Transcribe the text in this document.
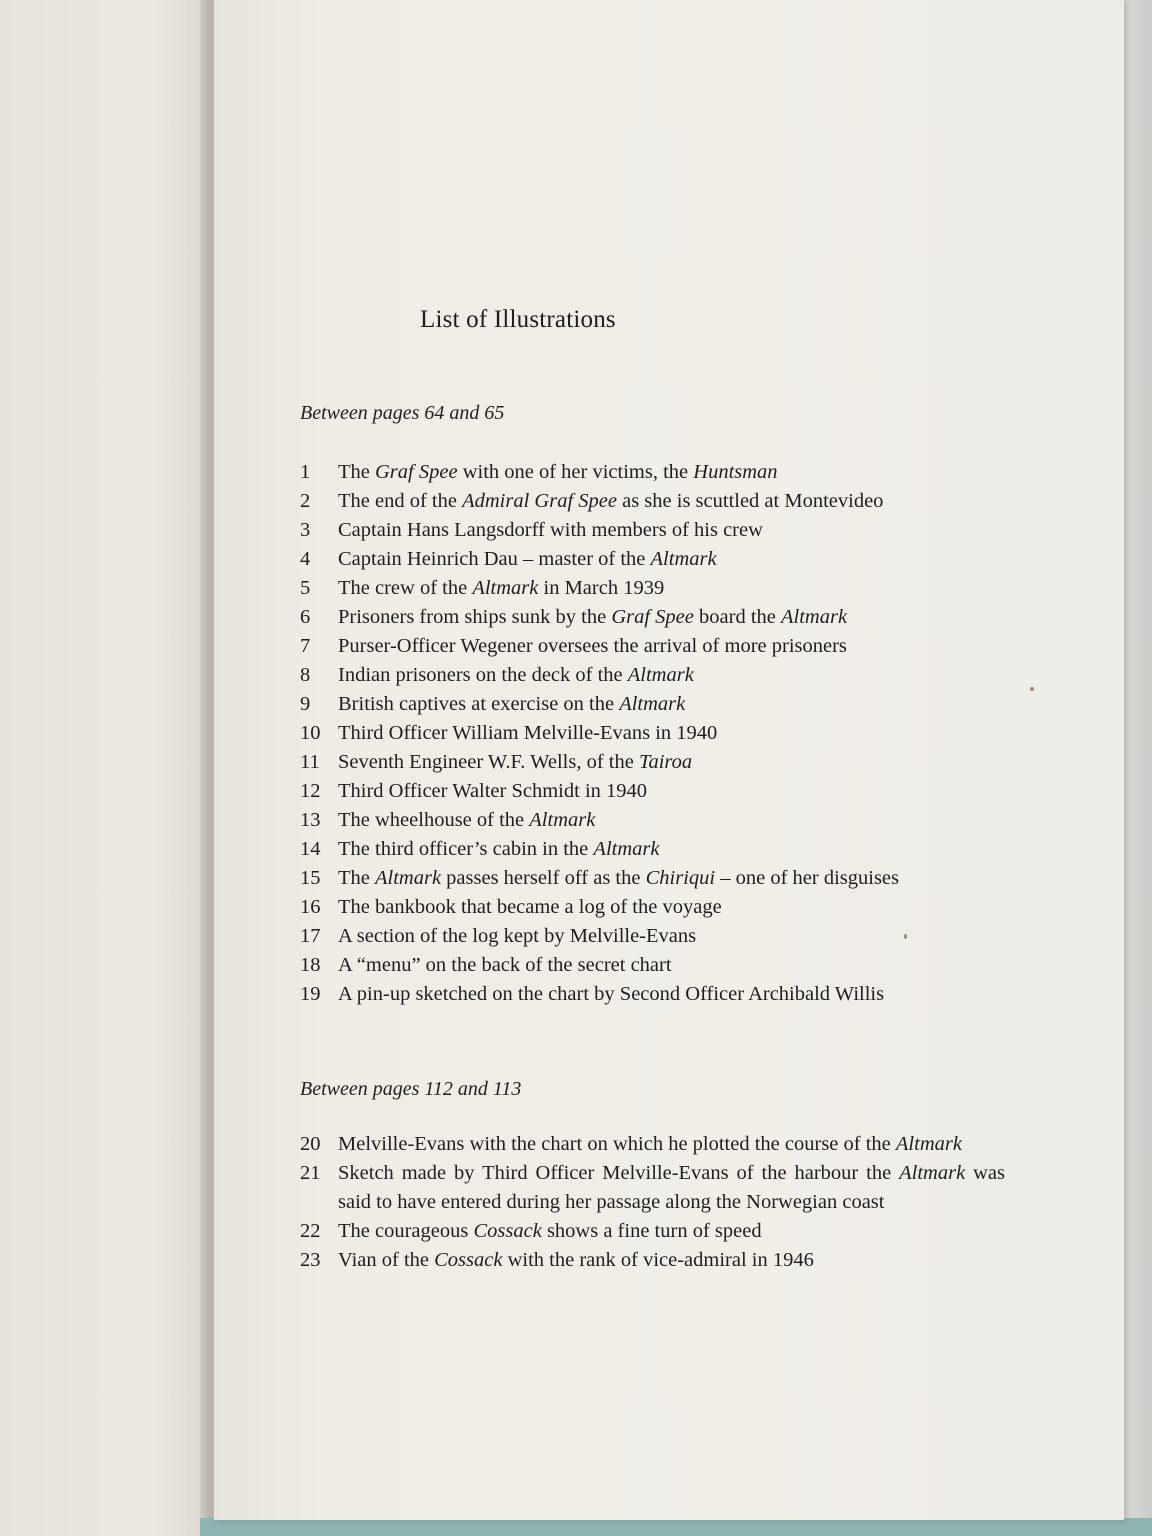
List of Illustrations
Between pages 64 and 65
1	The Graf Spee with one of her victims, the Huntsman
2	The end of the Admiral Graf Spee as she is scuttled at Montevideo
3	Captain Hans Langsdorff with members of his crew
4	Captain Heinrich Dau – master of the Altmark
5	The crew of the Altmark in March 1939
6	Prisoners from ships sunk by the Graf Spee board the Altmark
7	Purser-Officer Wegener oversees the arrival of more prisoners
8	Indian prisoners on the deck of the Altmark
9	British captives at exercise on the Altmark
10 Third Officer William Melville-Evans in 1940
11 Seventh Engineer W.F. Wells, of the Tairoa
12 Third Officer Walter Schmidt in 1940
13 The wheelhouse of the Altmark
14 The third officer’s cabin in the Altmark
15 The Altmark passes herself off as the Chiriqui – one of her disguises
16 The bankbook that became a log of the voyage
17 A section of the log kept by Melville-Evans
18 A “menu” on the back of the secret chart
19 A pin-up sketched on the chart by Second Officer Archibald Willis
Between pages 112 and 113
20 Melville-Evans with the chart on which he plotted the course of the Altmark
21 Sketch made by Third Officer Melville-Evans of the harbour the Altmark was said to have entered during her passage along the Norwegian coast
22 The courageous Cossack shows a fine turn of speed
23 Vian of the Cossack with the rank of vice-admiral in 1946
